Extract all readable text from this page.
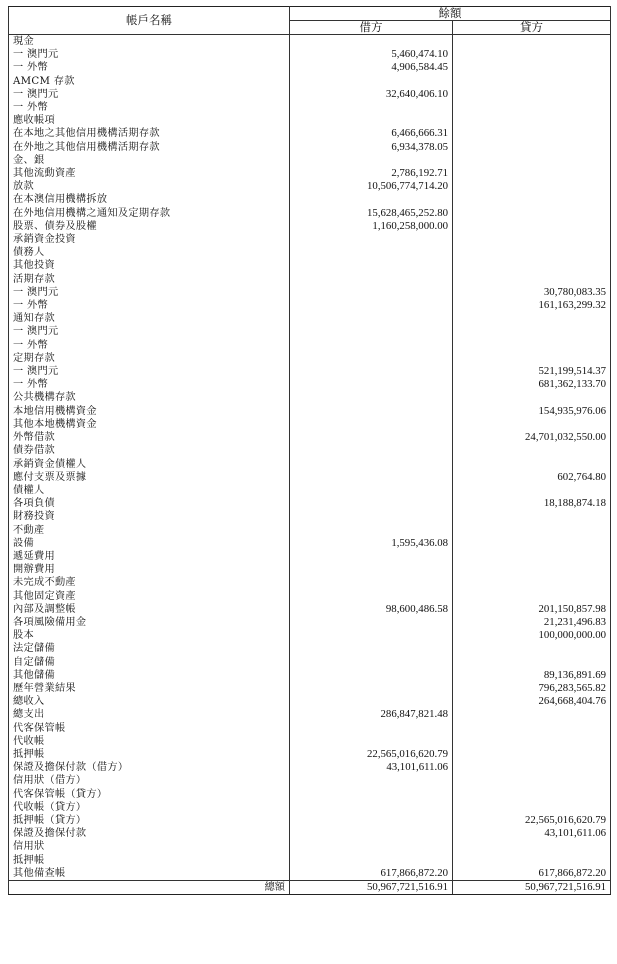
帳戶名稱	餘額	
	借方	貸方
現金		
一 澳門元	5,460,474.10	
一 外幣	4,906,584.45	
AMCM 存款		
一 澳門元	32,640,406.10	
一 外幣		
應收帳項		
在本地之其他信用機構活期存款	6,466,666.31	
在外地之其他信用機構活期存款	6,934,378.05	
金、銀		
其他流動資產	2,786,192.71	
放款	10,506,774,714.20	
在本澳信用機構拆放		
在外地信用機構之通知及定期存款	15,628,465,252.80	
股票、債券及股權	1,160,258,000.00	
承銷資金投資		
債務人		
其他投資		
活期存款		
一 澳門元		30,780,083.35
一 外幣		161,163,299.32
通知存款		
一 澳門元		
一 外幣		
定期存款		
一 澳門元		521,199,514.37
一 外幣		681,362,133.70
公共機構存款		
本地信用機構資金		154,935,976.06
其他本地機構資金		
外幣借款		24,701,032,550.00
債券借款		
承銷資金債權人		
應付支票及票據		602,764.80
債權人		
各項負債		18,188,874.18
財務投資		
不動產		
設備	1,595,436.08	
遞延費用		
開辦費用		
未完成不動產		
其他固定資產		
內部及調整帳	98,600,486.58	201,150,857.98
各項風險備用金		21,231,496.83
股本		100,000,000.00
法定儲備		
自定儲備		
其他儲備		89,136,891.69
歷年營業結果		796,283,565.82
總收入		264,668,404.76
總支出	286,847,821.48	
代客保管帳		
代收帳		
抵押帳	22,565,016,620.79	
保證及擔保付款（借方）	43,101,611.06	
信用狀（借方）		
代客保管帳（貸方）		
代收帳（貸方）		
抵押帳（貸方）		22,565,016,620.79
保證及擔保付款		43,101,611.06
信用狀		
抵押帳		
其他備查帳	617,866,872.20	617,866,872.20
總額	50,967,721,516.91	50,967,721,516.91
